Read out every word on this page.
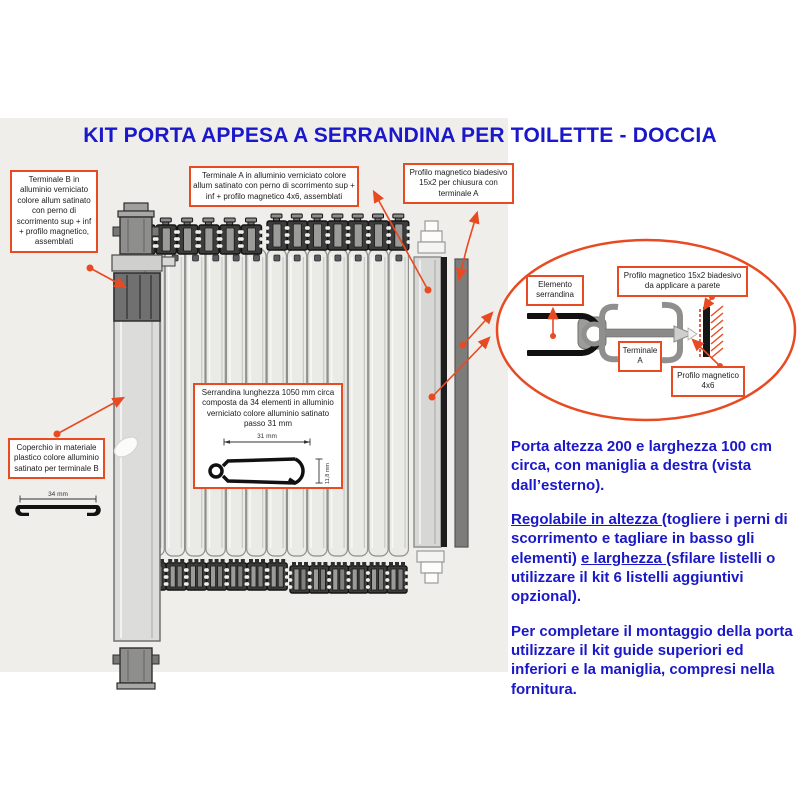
KIT PORTA APPESA A SERRANDINA PER TOILETTE - DOCCIA
34 mm
Terminale B in alluminio verniciato colore allum satinato con perno di scorrimento sup + inf + profilo magnetico, assemblati
Terminale A in alluminio verniciato colore allum satinato con perno di scorrimento sup + inf + profilo magnetico 4x6, assemblati
Profilo magnetico biadesivo 15x2 per chiusura con terminale A
Serrandina lunghezza 1050 mm circa composta da 34 elementi in alluminio verniciato colore alluminio satinato passo 31 mm
31 mm
11,8 mm
Coperchio in materiale plastico colore alluminio satinato per terminale B
Elemento serrandina
Profilo magnetico 15x2 biadesivo da applicare a parete
Terminale A
Profilo magnetico 4x6

Porta altezza 200 e larghezza 100 cm circa, con maniglia a destra (vista dall’esterno).

Regolabile in altezza (togliere i perni di scorrimento e tagliare in basso gli elementi) e larghezza (sfilare listelli o utilizzare il kit 6 listelli aggiuntivi opzional).

Per completare il montaggio della porta utilizzare il kit guide superiori ed inferiori e la maniglia, compresi nella fornitura.
